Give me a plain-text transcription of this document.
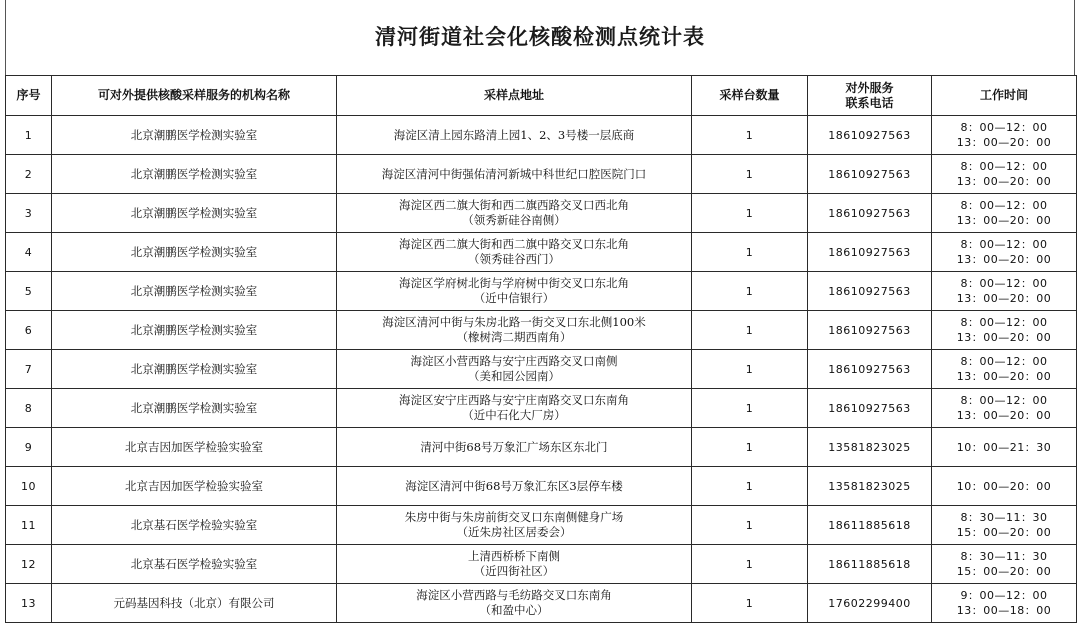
清河街道社会化核酸检测点统计表
序号	可对外提供核酸采样服务的机构名称	采样点地址	采样台数量	对外服务
联系电话	工作时间

1	北京潮鹏医学检测实验室	海淀区清上园东路清上园1、2、3号楼一层底商	1	18610927563	8：00—12：00
13：00—20：00

2	北京潮鹏医学检测实验室	海淀区清河中街强佑清河新城中科世纪口腔医院门口	1	18610927563	8：00—12：00
13：00—20：00

3	北京潮鹏医学检测实验室	海淀区西二旗大街和西二旗西路交叉口西北角
（领秀新硅谷南侧）	1	18610927563	8：00—12：00
13：00—20：00

4	北京潮鹏医学检测实验室	海淀区西二旗大街和西二旗中路交叉口东北角
（领秀硅谷西门）	1	18610927563	8：00—12：00
13：00—20：00

5	北京潮鹏医学检测实验室	海淀区学府树北街与学府树中街交叉口东北角
（近中信银行）	1	18610927563	8：00—12：00
13：00—20：00

6	北京潮鹏医学检测实验室	海淀区清河中街与朱房北路一街交叉口东北侧100米
（橡树湾二期西南角）	1	18610927563	8：00—12：00
13：00—20：00

7	北京潮鹏医学检测实验室	海淀区小营西路与安宁庄西路交叉口南侧
（美和园公园南）	1	18610927563	8：00—12：00
13：00—20：00

8	北京潮鹏医学检测实验室	海淀区安宁庄西路与安宁庄南路交叉口东南角
（近中石化大厂房）	1	18610927563	8：00—12：00
13：00—20：00

9	北京吉因加医学检验实验室	清河中街68号万象汇广场东区东北门	1	13581823025	10：00—21：30

10	北京吉因加医学检验实验室	海淀区清河中街68号万象汇东区3层停车楼	1	13581823025	10：00—20：00

11	北京基石医学检验实验室	朱房中街与朱房前街交叉口东南侧健身广场
（近朱房社区居委会）	1	18611885618	8：30—11：30
15：00—20：00

12	北京基石医学检验实验室	上清西桥桥下南侧
（近四街社区）	1	18611885618	8：30—11：30
15：00—20：00

13	元码基因科技（北京）有限公司	海淀区小营西路与毛纺路交叉口东南角
（和盈中心）	1	17602299400	9：00—12：00
13：00—18：00
